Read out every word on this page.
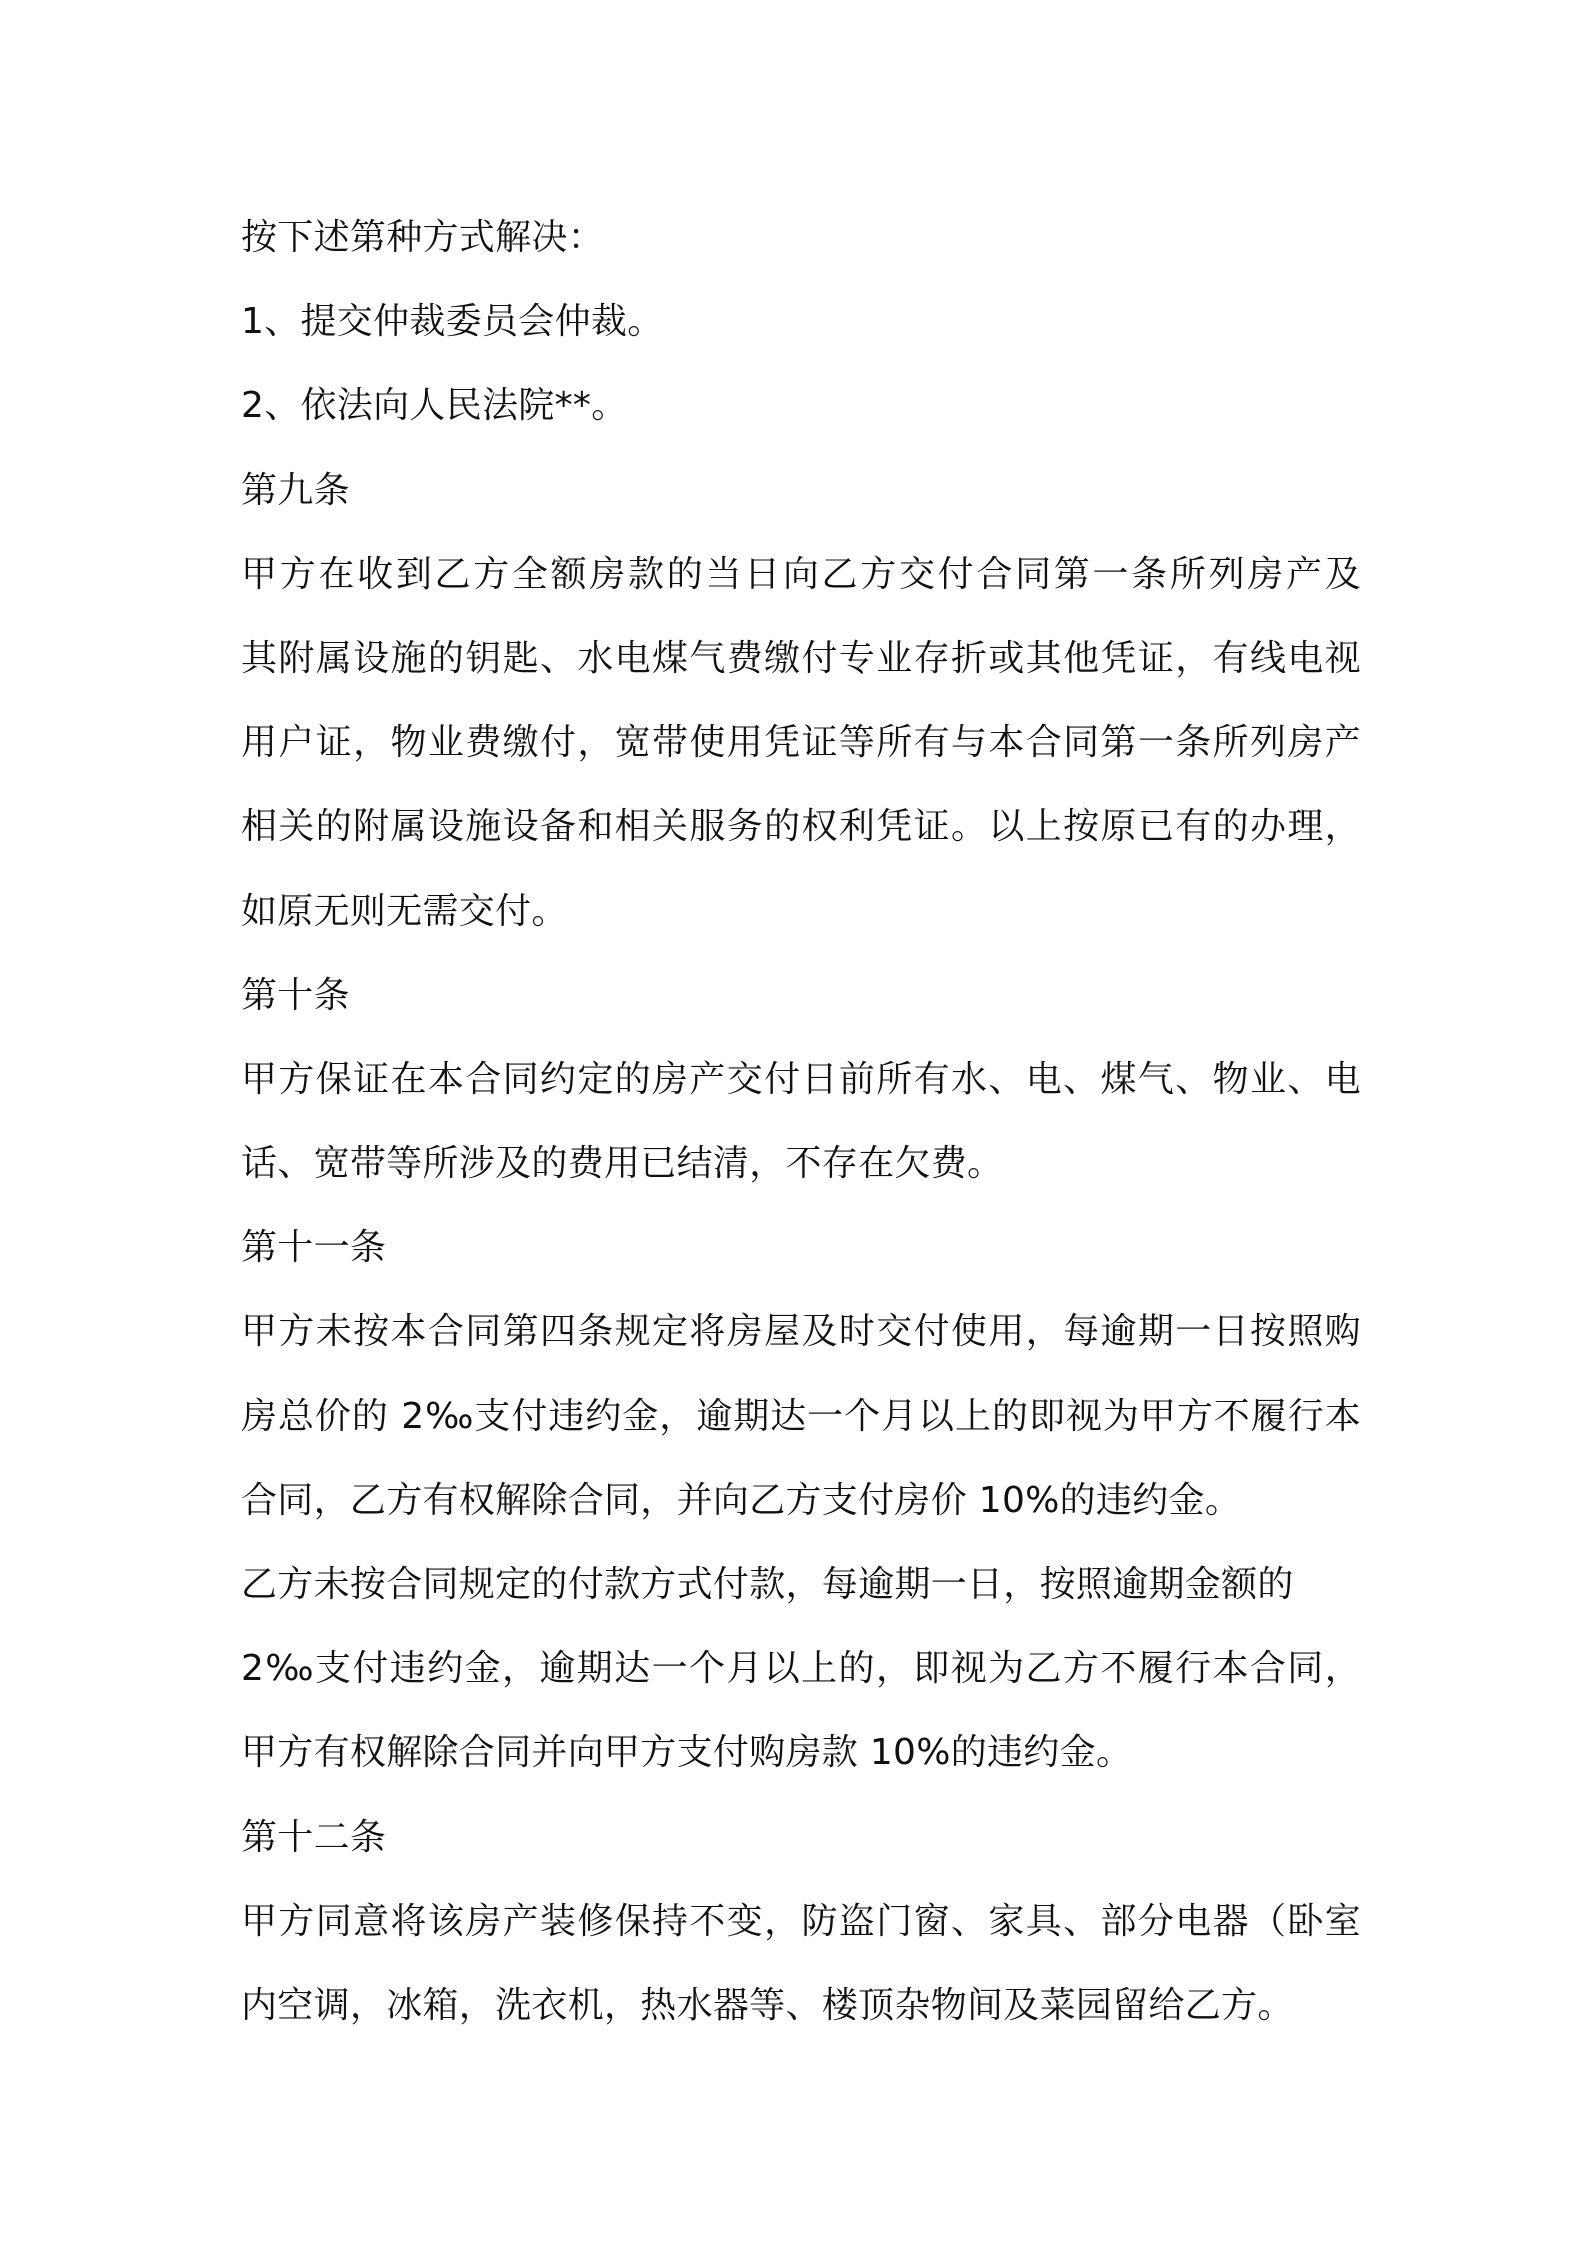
按下述第种方式解决：
1、提交仲裁委员会仲裁。
2、依法向人民法院**。
第九条
甲方在收到乙方全额房款的当日向乙方交付合同第一条所列房产及
其附属设施的钥匙、水电煤气费缴付专业存折或其他凭证，有线电视
用户证，物业费缴付，宽带使用凭证等所有与本合同第一条所列房产
相关的附属设施设备和相关服务的权利凭证。以上按原已有的办理，
如原无则无需交付。
第十条
甲方保证在本合同约定的房产交付日前所有水、电、煤气、物业、电
话、宽带等所涉及的费用已结清，不存在欠费。
第十一条
甲方未按本合同第四条规定将房屋及时交付使用，每逾期一日按照购
房总价的 2‰支付违约金，逾期达一个月以上的即视为甲方不履行本
合同，乙方有权解除合同，并向乙方支付房价 10%的违约金。
乙方未按合同规定的付款方式付款，每逾期一日，按照逾期金额的
2‰支付违约金，逾期达一个月以上的，即视为乙方不履行本合同，
甲方有权解除合同并向甲方支付购房款 10%的违约金。
第十二条
甲方同意将该房产装修保持不变，防盗门窗、家具、部分电器（卧室
内空调，冰箱，洗衣机，热水器等、楼顶杂物间及菜园留给乙方。
